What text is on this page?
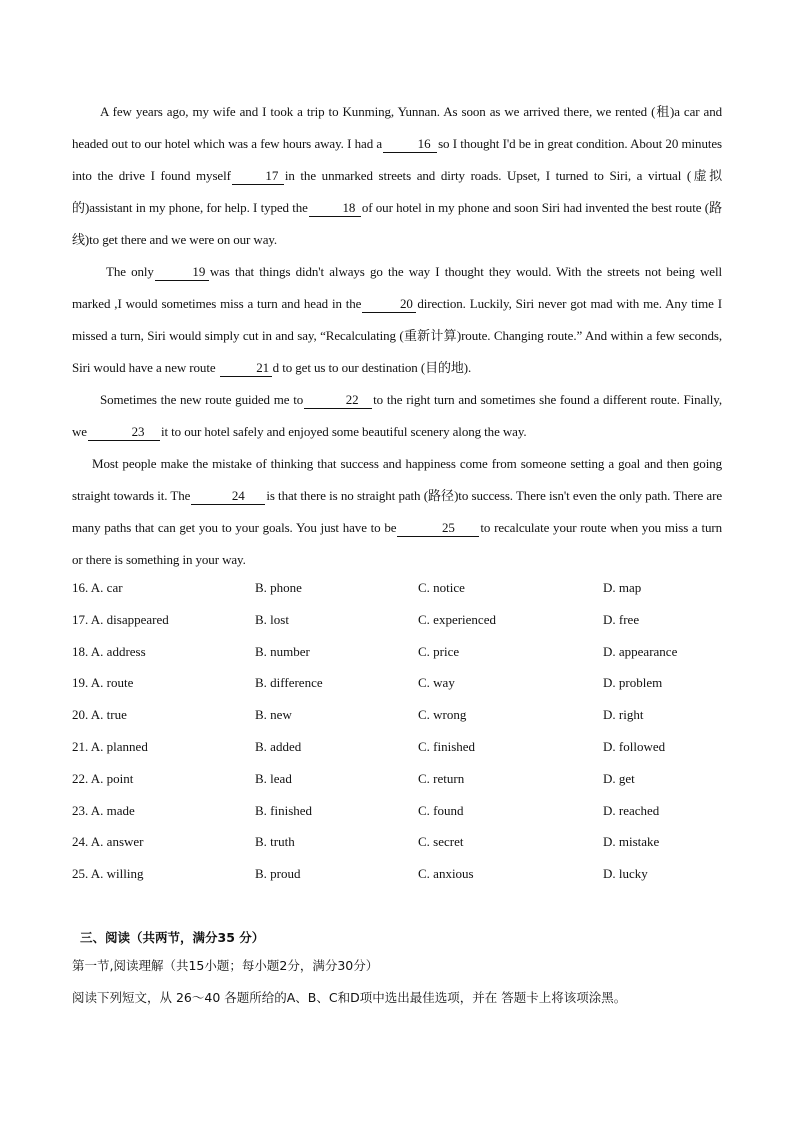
A few years ago, my wife and I took a trip to Kunming, Yunnan. As soon as we arrived there, we rented (租)a car and headed out to our hotel which was a few hours away. I had a	16 so I thought I'd be in great condition. About 20 minutes into the drive I found myself	17 in the unmarked streets and dirty roads. Upset, I turned to Siri, a virtual (虚拟的)assistant in my phone, for help. I typed the	18 of our hotel in my phone and soon Siri had invented the best route (路线)to get there and we were on our way.

The only	19 was that things didn't always go the way I thought they would. With the streets not being well marked ,I would sometimes miss a turn and head in the	20 direction. Luckily, Siri never got mad with me. Any time I missed a turn, Siri would simply cut in and say, “Recalculating (重新计算)route. Changing route.” And within a few seconds, Siri would have a new route	21 d to get us to our destination (目的地).

Sometimes the new route guided me to	22 to the right turn and sometimes she found a different route. Finally, we	23 it to our hotel safely and enjoyed some beautiful scenery along the way.

Most people make the mistake of thinking that success and happiness come from someone setting a goal and then going straight towards it. The	24 is that there is no straight path (路径)to success. There isn't even the only path. There are many paths that can get you to your goals. You just have to be	25 to recalculate your route when you miss a turn or there is something in your way.

16. A. car	B. phone	C. notice	D. map
17. A. disappeared	B. lost	C. experienced	D. free
18. A. address	B. number	C. price	D. appearance
19. A. route	B. difference	C. way	D. problem
20. A. true	B. new	C. wrong	D. right
21. A. planned	B. added	C. finished	D. followed
22. A. point	B. lead	C. return	D. get
23. A. made	B. finished	C. found	D. reached
24. A. answer	B. truth	C. secret	D. mistake
25. A. willing	B. proud	C. anxious	D. lucky
三、阅读（共两节，满分35 分）
第一节,阅读理解（共15小题；每小题2分，满分30分）
阅读下列短文，从 26～40 各题所给的A、B、C和D项中选出最佳选项，并在 答题卡上将该项涂黑。
